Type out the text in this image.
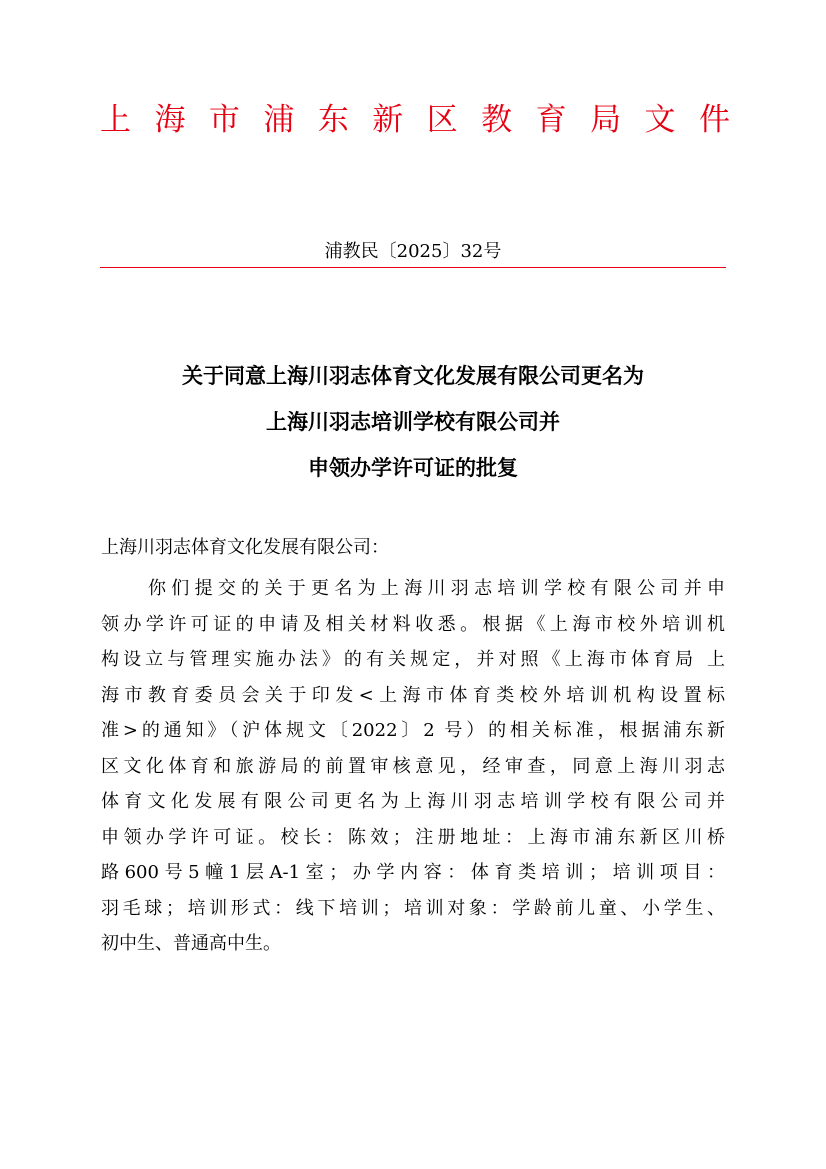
上 海 市 浦 东 新 区 教 育 局 文 件
浦教民〔2025〕32号
关于同意上海川羽志体育文化发展有限公司更名为
上海川羽志培训学校有限公司并
申领办学许可证的批复
上海川羽志体育文化发展有限公司：
你们提交的关于更名为上海川羽志培训学校有限公司并申
领办学许可证的申请及相关材料收悉。根据《上海市校外培训机
构设立与管理实施办法》的有关规定，并对照《上海市体育局 上
海市教育委员会关于印发<上海市体育类校外培训机构设置标
准>的通知》（沪体规文〔2022〕2 号）的相关标准，根据浦东新
区文化体育和旅游局的前置审核意见，经审查，同意上海川羽志
体育文化发展有限公司更名为上海川羽志培训学校有限公司并
申领办学许可证。校长：陈效；注册地址：上海市浦东新区川桥
路600号5幢1层A-1室；办学内容：体育类培训；培训项目：
羽毛球；培训形式：线下培训；培训对象：学龄前儿童、小学生、
初中生、普通高中生。
